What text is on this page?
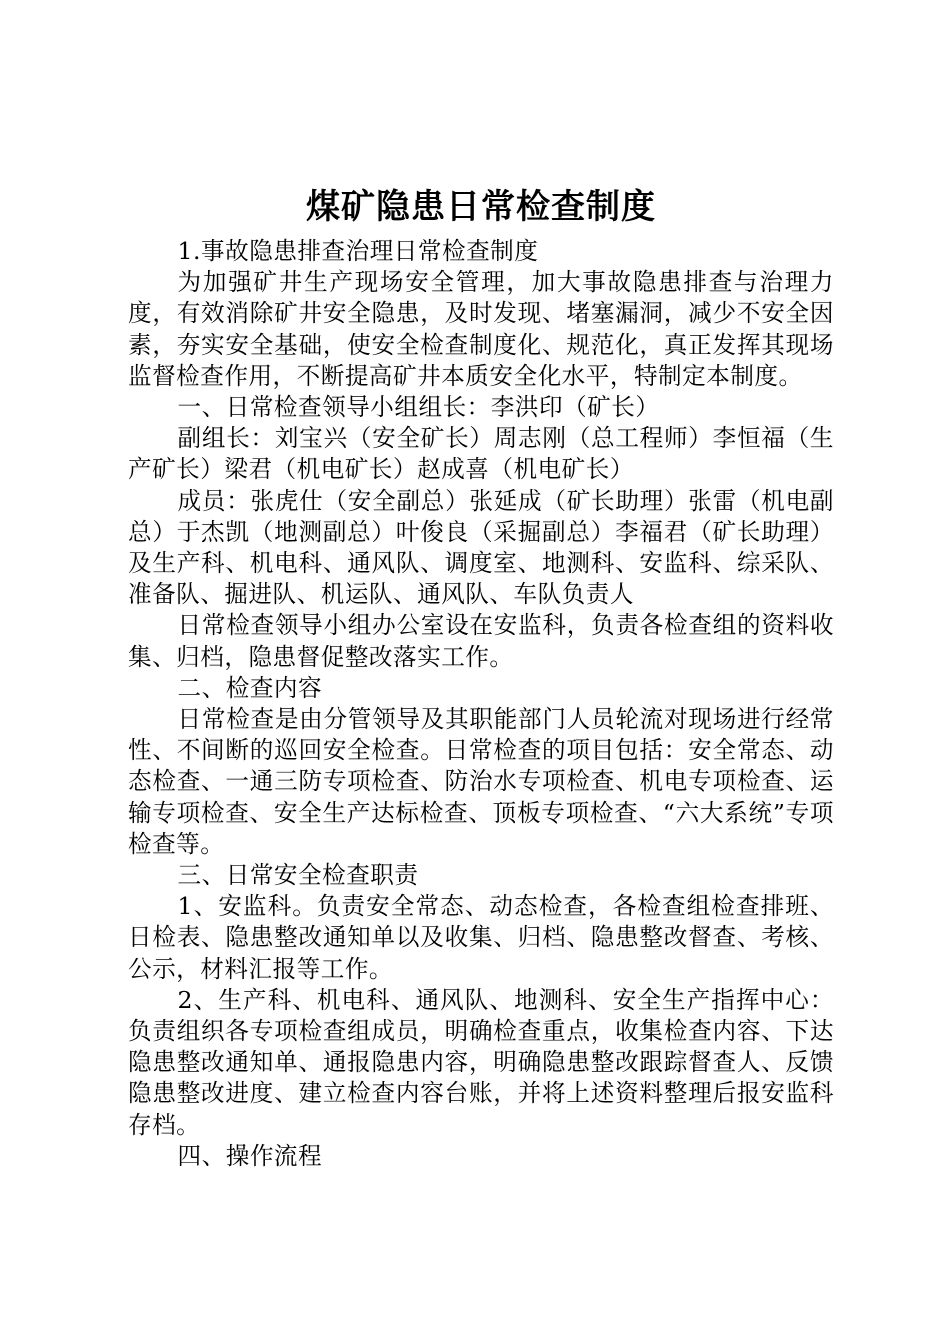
煤矿隐患日常检查制度

1.事故隐患排查治理日常检查制度

为加强矿井生产现场安全管理，加大事故隐患排查与治理力度，有效消除矿井安全隐患，及时发现、堵塞漏洞，减少不安全因素，夯实安全基础，使安全检查制度化、规范化，真正发挥其现场监督检查作用，不断提高矿井本质安全化水平，特制定本制度。

一、日常检查领导小组组长：李洪印（矿长）

副组长：刘宝兴（安全矿长）周志刚（总工程师）李恒福（生产矿长）梁君（机电矿长）赵成喜（机电矿长）

成员：张虎仕（安全副总）张延成（矿长助理）张雷（机电副总）于杰凯（地测副总）叶俊良（采掘副总）李福君（矿长助理）及生产科、机电科、通风队、调度室、地测科、安监科、综采队、准备队、掘进队、机运队、通风队、车队负责人

日常检查领导小组办公室设在安监科，负责各检查组的资料收集、归档，隐患督促整改落实工作。

二、检查内容

日常检查是由分管领导及其职能部门人员轮流对现场进行经常性、不间断的巡回安全检查。日常检查的项目包括：安全常态、动态检查、一通三防专项检查、防治水专项检查、机电专项检查、运输专项检查、安全生产达标检查、顶板专项检查、“六大系统”专项检查等。

三、日常安全检查职责

1、安监科。负责安全常态、动态检查，各检查组检查排班、日检表、隐患整改通知单以及收集、归档、隐患整改督查、考核、公示，材料汇报等工作。

2、生产科、机电科、通风队、地测科、安全生产指挥中心：负责组织各专项检查组成员，明确检查重点，收集检查内容、下达隐患整改通知单、通报隐患内容，明确隐患整改跟踪督查人、反馈隐患整改进度、建立检查内容台账，并将上述资料整理后报安监科存档。

四、操作流程
